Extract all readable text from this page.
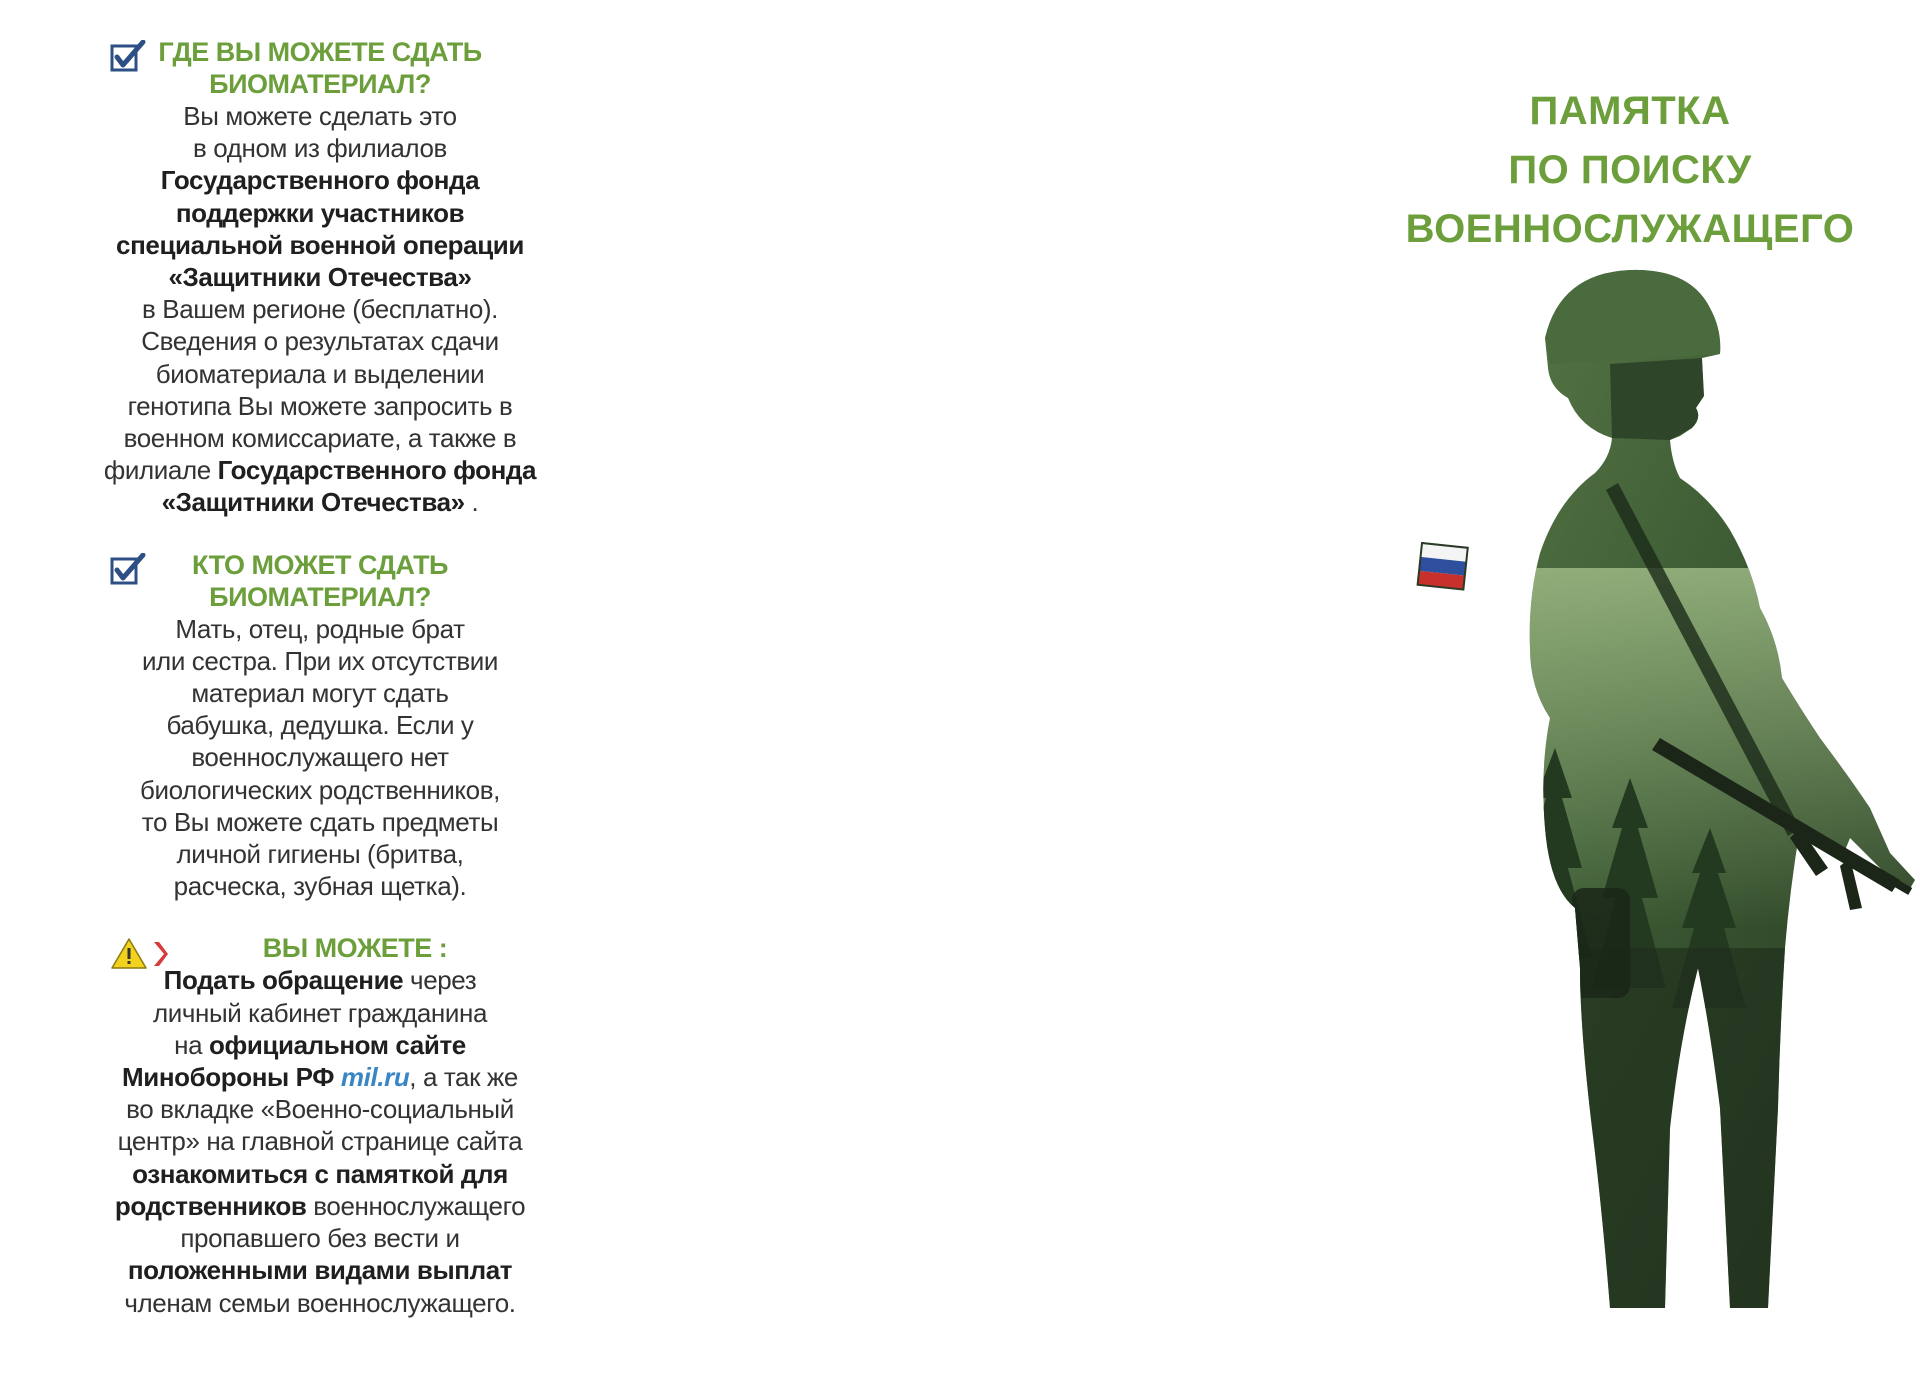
ГДЕ ВЫ МОЖЕТЕ СДАТЬ
БИОМАТЕРИАЛ?
Вы можете сделать это
в одном из филиалов
Государственного фонда
поддержки участников
специальной военной операции
«Защитники Отечества»
в Вашем регионе (бесплатно).
Сведения о результатах сдачи
биоматериала и выделении
генотипа Вы можете запросить в
военном комиссариате, а также в
филиале Государственного фонда
«Защитники Отечества» .
КТО МОЖЕТ СДАТЬ
БИОМАТЕРИАЛ?
Мать, отец, родные брат
или сестра. При их отсутствии
материал могут сдать
бабушка, дедушка. Если у
военнослужащего нет
биологических родственников,
то Вы можете сдать предметы
личной гигиены (бритва,
расческа, зубная щетка).
ВЫ МОЖЕТЕ :
Подать обращение через
личный кабинет гражданина
на официальном сайте
Минобороны РФ mil.ru, а так же
во вкладке «Военно-социальный
центр» на главной странице сайта
ознакомиться с памяткой для
родственников военнослужащего
пропавшего без вести и
положенными видами выплат
членам семьи военнослужащего.
ПАМЯТКА
ПО ПОИСКУ
ВОЕННОСЛУЖАЩЕГО
